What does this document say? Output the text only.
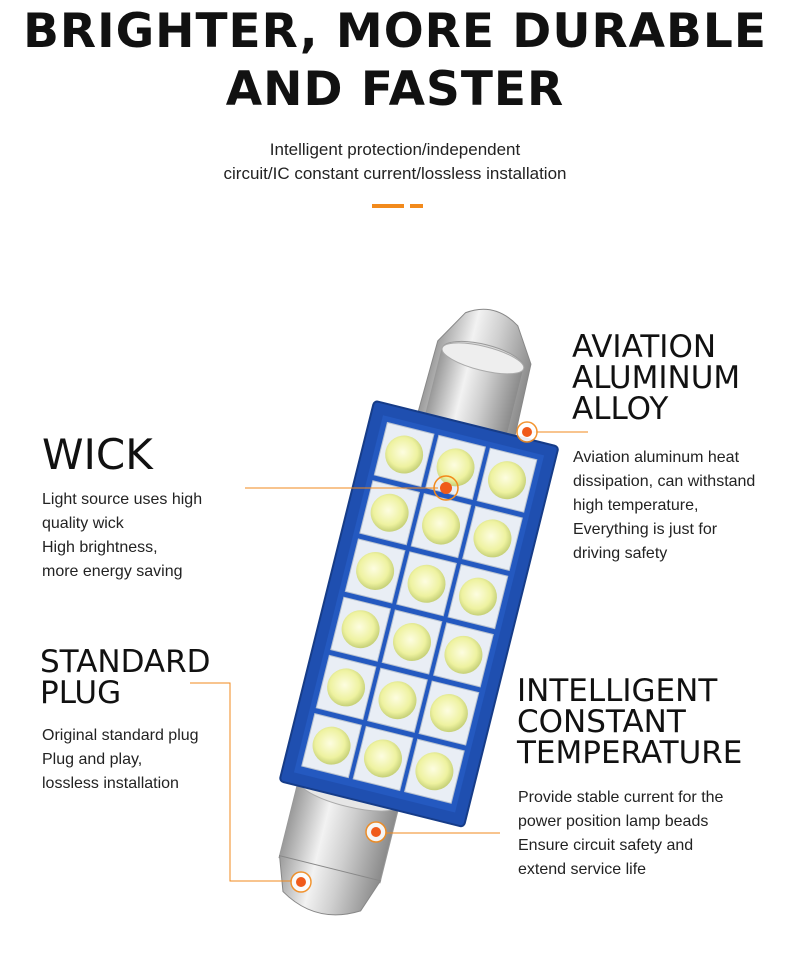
BRIGHTER, MORE DURABLE
AND FASTER
Intelligent protection/independent
circuit/IC constant current/lossless installation
AVIATION
ALUMINUM
ALLOY
Aviation aluminum heat
dissipation, can withstand
high temperature,
Everything is just for
driving safety
WICK
Light source uses high
quality wick
High brightness,
more energy saving
STANDARD
PLUG
Original standard plug
Plug and play,
lossless installation
INTELLIGENT
CONSTANT
TEMPERATURE
Provide stable current for the
power position lamp beads
Ensure circuit safety and
extend service life
